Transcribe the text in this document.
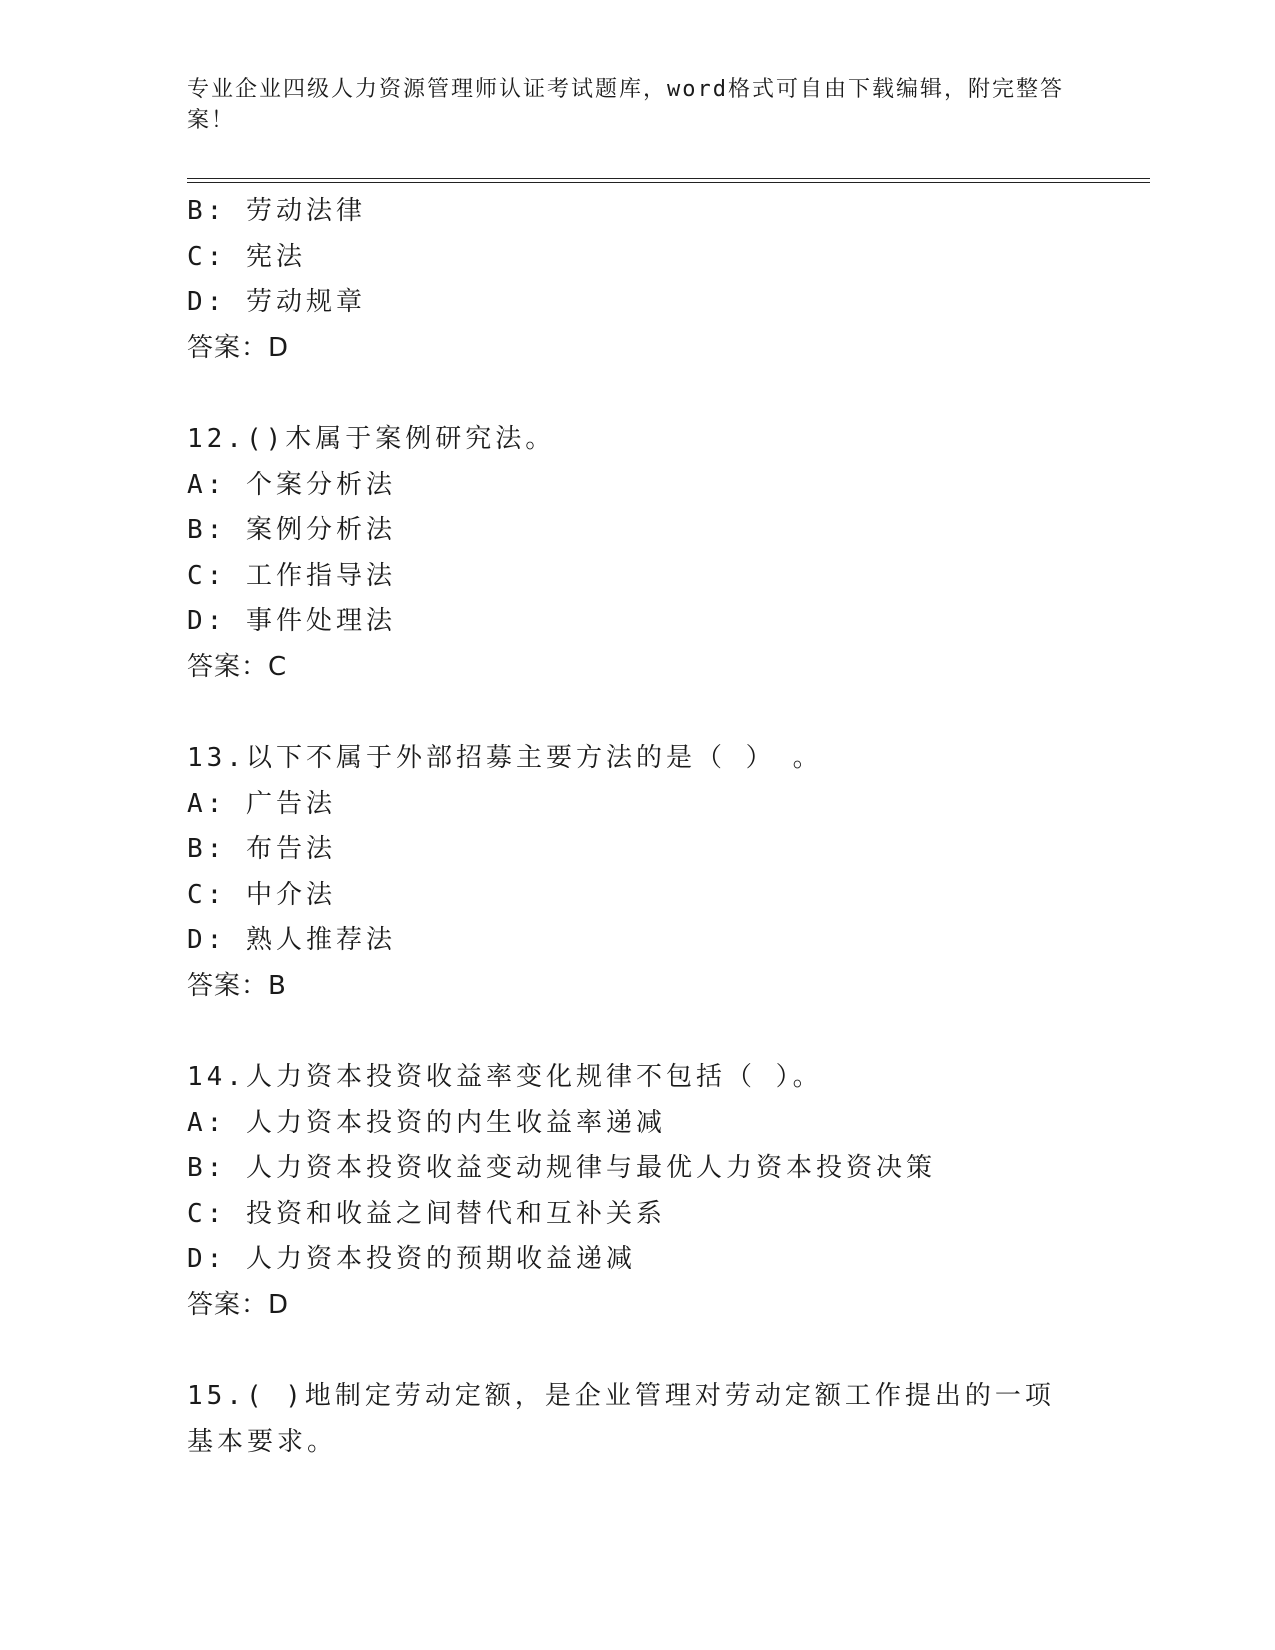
专业企业四级人力资源管理师认证考试题库，word格式可自由下载编辑，附完整答案！
B: 劳动法律
C: 宪法
D: 劳动规章
答案：D
12.()木属于案例研究法。
A: 个案分析法
B: 案例分析法
C: 工作指导法
D: 事件处理法
答案：C
13.以下不属于外部招募主要方法的是（ ）　。
A: 广告法
B: 布告法
C: 中介法
D: 熟人推荐法
答案：B
14.人力资本投资收益率变化规律不包括（ ）。
A: 人力资本投资的内生收益率递减
B: 人力资本投资收益变动规律与最优人力资本投资决策
C: 投资和收益之间替代和互补关系
D: 人力资本投资的预期收益递减
答案：D
15.( )地制定劳动定额，是企业管理对劳动定额工作提出的一项基本要求。
